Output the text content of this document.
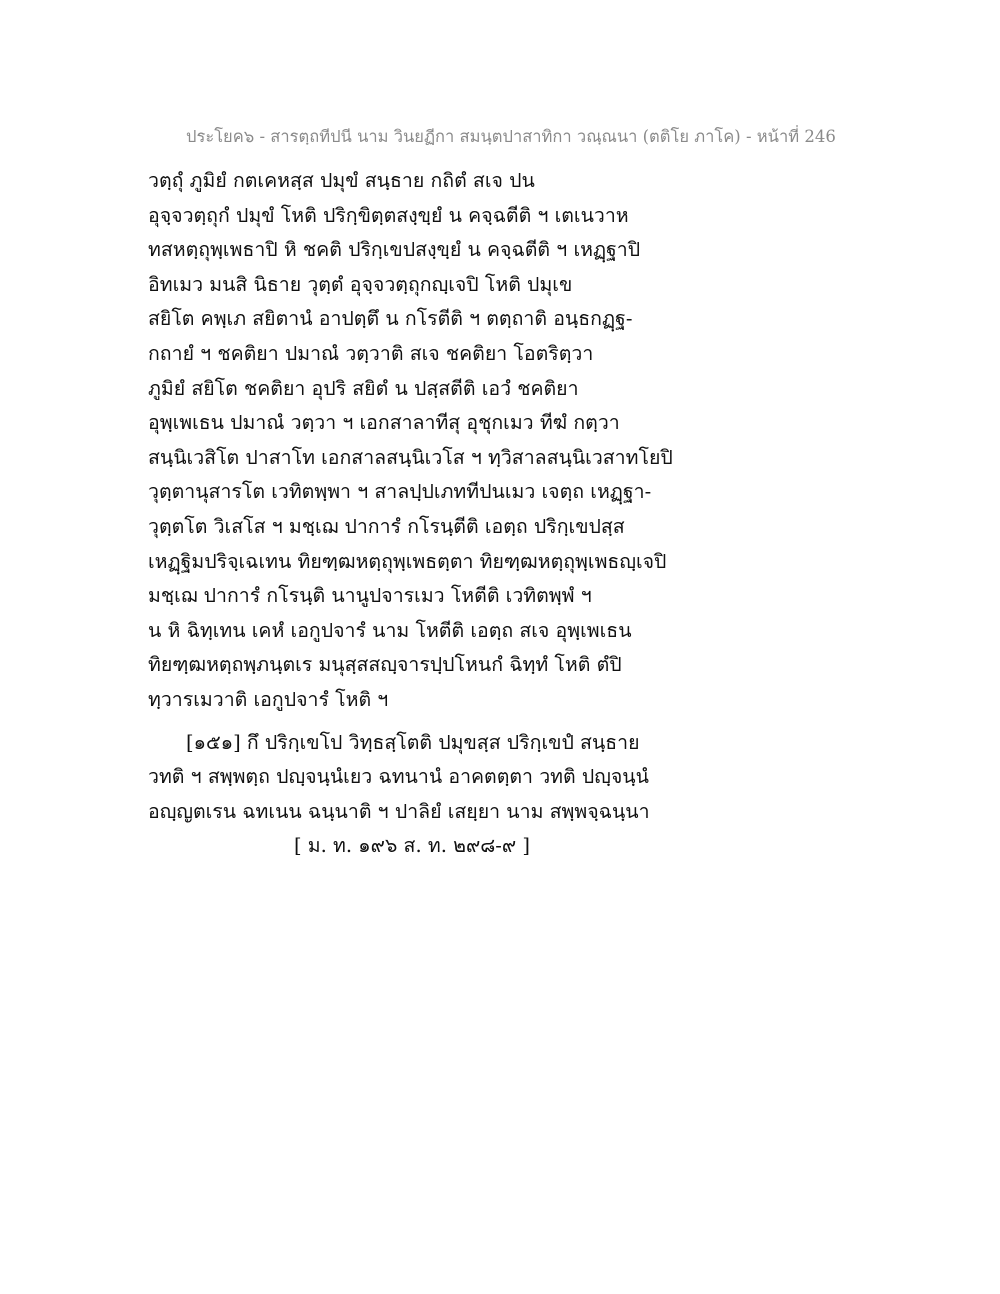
ประโยค๖ - สารตฺถทีปนี นาม วินยฏีกา สมนฺตปาสาทิกา วณฺณนา (ตติโย ภาโค) - หน้าที่ 246
วตฺถุํ ภูมิยํ กตเคหสฺส ปมุขํ สนฺธาย กถิตํ สเจ ปน
อุจฺจวตฺถุกํ ปมุขํ โหติ ปริกฺขิตฺตสงฺขฺยํ น คจฺฉตีติ ฯ เตเนวาห
ทสหตฺถุพฺเพธาปิ หิ ชคติ ปริกฺเขปสงฺขฺยํ น คจฺฉตีติ ฯ เหฏฺฐาปิ
อิทเมว มนสิ นิธาย วุตฺตํ อุจฺจวตฺถุกญฺเจปิ โหติ ปมุเข
สยิโต คพฺเภ สยิตานํ อาปตฺตึ น กโรตีติ ฯ ตตฺถาติ อนฺธกฏฺฐ-
กถายํ ฯ ชคติยา ปมาณํ วตฺวาติ สเจ ชคติยา โอตริตฺวา
ภูมิยํ สยิโต ชคติยา อุปริ สยิตํ น ปสฺสตีติ เอวํ ชคติยา
อุพฺเพเธน ปมาณํ วตฺวา ฯ เอกสาลาทีสุ อุชุกเมว ทีฆํ กตฺวา
สนฺนิเวสิโต ปาสาโท เอกสาลสนฺนิเวโส ฯ ทฺวิสาลสนฺนิเวสาทโยปิ
วุตฺตานุสารโต เวทิตพฺพา ฯ สาลปฺปเภททีปนเมว เจตฺถ เหฏฺฐา-
วุตฺตโต วิเสโส ฯ มชฺเฌ ปาการํ กโรนฺตีติ เอตฺถ ปริกฺเขปสฺส
เหฏฺฐิมปริจฺเฉเทน ทิยฑฺฒหตฺถุพฺเพธตฺตา ทิยฑฺฒหตฺถุพฺเพธญฺเจปิ
มชฺเฌ ปาการํ กโรนฺติ นานูปจารเมว โหตีติ เวทิตพฺพํ ฯ
น หิ ฉิทฺเทน เคหํ เอกูปจารํ นาม โหตีติ เอตฺถ สเจ อุพฺเพเธน
ทิยฑฺฒหตฺถพฺภนฺตเร มนุสฺสสญฺจารปฺปโหนกํ ฉิทฺทํ โหติ ตํปิ
ทฺวารเมวาติ เอกูปจารํ โหติ ฯ
[๑๕๑] กึ ปริกฺเขโป วิทฺธสฺโตติ ปมุขสฺส ปริกฺเขปํ สนฺธาย
วทติ ฯ สพฺพตฺถ ปญฺจนฺนํเยว ฉทนานํ อาคตตฺตา วทติ ปญฺจนฺนํ
อญฺญตเรน ฉทเนน ฉนฺนาติ ฯ ปาลิยํ เสยฺยา นาม สพฺพจฺฉนฺนา
[ ม. ท. ๑๙๖ ส. ท. ๒๙๘-๙ ]
